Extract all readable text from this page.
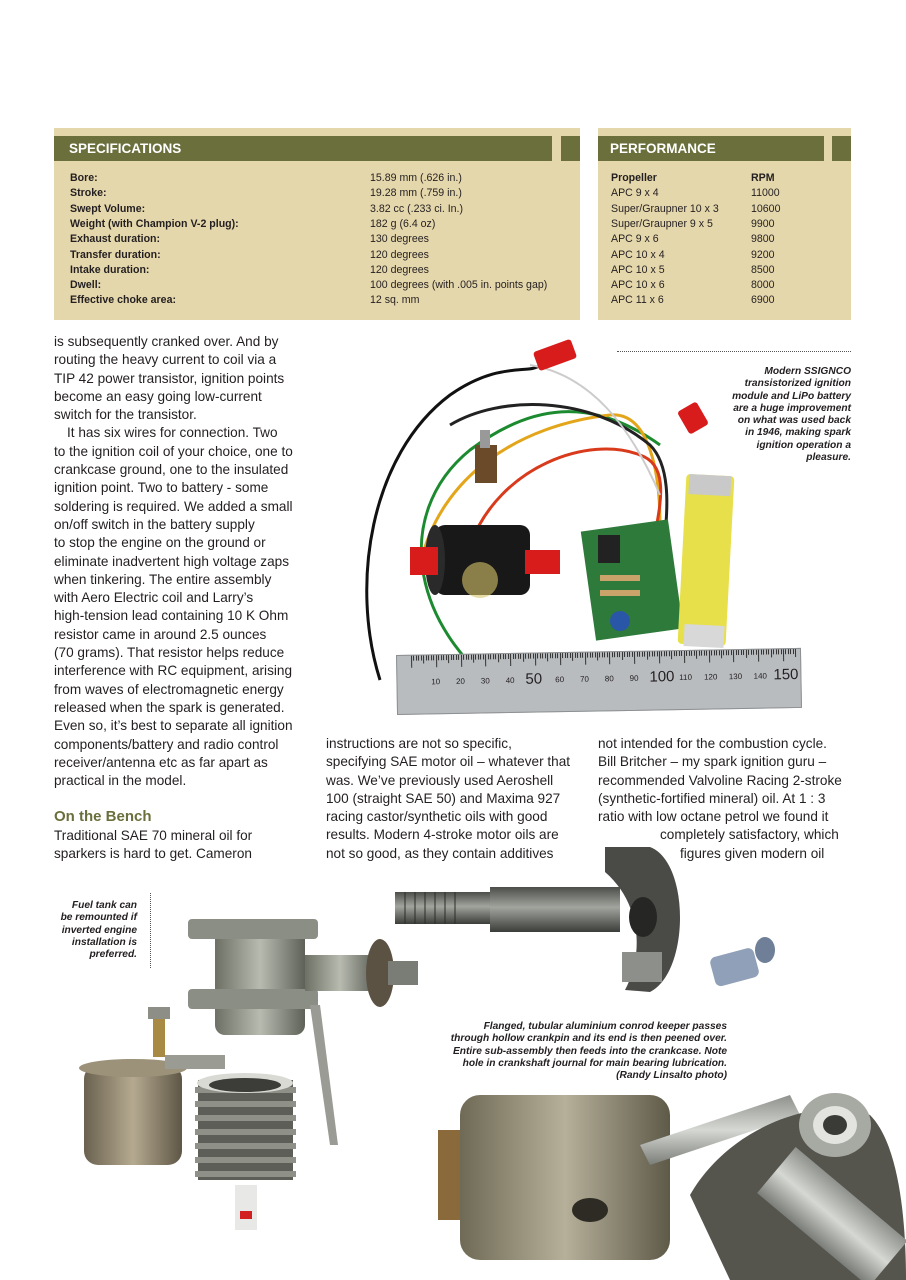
SPECIFICATIONS
Bore:	15.89 mm (.626 in.)
Stroke:	19.28 mm (.759 in.)
Swept Volume:	3.82 cc (.233 ci. In.)
Weight (with Champion V-2 plug):	182 g (6.4 oz)
Exhaust duration:	130 degrees
Transfer duration:	120 degrees
Intake duration:	120 degrees
Dwell:	100 degrees (with .005 in. points gap)
Effective choke area:	12 sq. mm
PERFORMANCE
Propeller	RPM
APC 9 x 4	11000
Super/Graupner 10 x 3	10600
Super/Graupner 9 x 5	9900
APC 9 x 6	9800
APC 10 x 4	9200
APC 10 x 5	8500
APC 10 x 6	8000
APC 11 x 6	6900
is subsequently cranked over. And by
routing the heavy current to coil via a
TIP 42 power transistor, ignition points
become an easy going low-current
switch for the transistor.
It has six wires for connection. Two
to the ignition coil of your choice, one to
crankcase ground, one to the insulated
ignition point. Two to battery - some
soldering is required. We added a small
on/off switch in the battery supply
to stop the engine on the ground or
eliminate inadvertent high voltage zaps
when tinkering. The entire assembly
with Aero Electric coil and Larry’s
high-tension lead containing 10 K Ohm
resistor came in around 2.5 ounces
(70 grams). That resistor helps reduce
interference with RC equipment, arising
from waves of electromagnetic energy
released when the spark is generated.
Even so, it’s best to separate all ignition
components/battery and radio control
receiver/antenna etc as far apart as
practical in the model.
On the Bench
Traditional SAE 70 mineral oil for
sparkers is hard to get. Cameron
instructions are not so specific,
specifying SAE motor oil – whatever that
was. We’ve previously used Aeroshell
100 (straight SAE 50) and Maxima 927
racing castor/synthetic oils with good
results. Modern 4-stroke motor oils are
not so good, as they contain additives
not intended for the combustion cycle.
Bill Britcher – my spark ignition guru –
recommended Valvoline Racing 2-stroke
(synthetic-fortified mineral) oil. At 1 : 3
ratio with low octane petrol we found it
completely satisfactory, which
figures given modern oil
10 20 30 40	60 70 80 90	110 120 130 140
50	100	150
Modern SSIGNCO
transistorized ignition
module and LiPo battery
are a huge improvement
on what was used back
in 1946, making spark
ignition operation a
pleasure.
Fuel tank can
be remounted if
inverted engine
installation is
preferred.
Flanged, tubular aluminium conrod keeper passes
through hollow crankpin and its end is then peened over.
Entire sub-assembly then feeds into the crankcase. Note
hole in crankshaft journal for main bearing lubrication.
(Randy Linsalto photo)
